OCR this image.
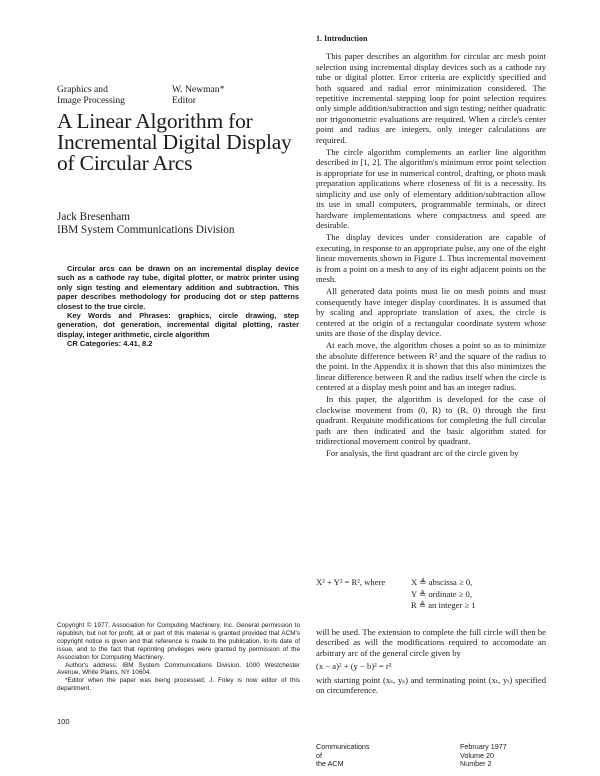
Graphics and
Image Processing
W. Newman*
Editor
A Linear Algorithm for Incremental Digital Display of Circular Arcs
Jack Bresenham
IBM System Communications Division

Circular arcs can be drawn on an incremental display device such as a cathode ray tube, digital plotter, or matrix printer using only sign testing and elementary addition and subtraction. This paper describes methodology for producing dot or step patterns closest to the true circle.

Key Words and Phrases: graphics, circle drawing, step generation, dot generation, incremental digital plotting, raster display, integer arithmetic, circle algorithm

CR Categories: 4.41, 8.2

Copyright © 1977, Association for Computing Machinery, Inc. General permission to republish, but not for profit, all or part of this material is granted provided that ACM's copyright notice is given and that reference is made to the publication, to its date of issue, and to the fact that reprinting privileges were granted by permission of the Association for Computing Machinery.

Author's address: IBM System Communications Division, 1000 Westchester Avenue, White Plains, NY 10604.

*Editor when the paper was being processed; J. Foley is now editor of this department.

100
1. Introduction

This paper describes an algorithm for circular arc mesh point selection using incremental display devices such as a cathode ray tube or digital plotter. Error criteria are explicitly specified and both squared and radial error minimization considered. The repetitive incremental stepping loop for point selection requires only simple addition/subtraction and sign testing; neither quadratic nor trigonometric evaluations are required. When a circle's center point and radius are integers, only integer calculations are required.

The circle algorithm complements an earlier line algorithm described in [1, 2]. The algorithm's minimum error point selection is appropriate for use in numerical control, drafting, or photo mask preparation applications where closeness of fit is a necessity. Its simplicity and use only of elementary addition/subtraction allow its use in small computers, programmable terminals, or direct hardware implementations where compactness and speed are desirable.

The display devices under consideration are capable of executing, in response to an appropriate pulse, any one of the eight linear movements shown in Figure 1. Thus incremental movement is from a point on a mesh to any of its eight adjacent points on the mesh.

All generated data points must lie on mesh points and must consequently have integer display coordinates. It is assumed that by scaling and appropriate translation of axes, the circle is centered at the origin of a rectangular coordinate system whose units are those of the display device.

At each move, the algorithm choses a point so as to minimize the absolute difference between R² and the square of the radius to the point. In the Appendix it is shown that this also minimizes the linear difference between R and the radius itself when the circle is centered at a display mesh point and has an integer radius.

In this paper, the algorithm is developed for the case of clockwise movement from (0, R) to (R, 0) through the first quadrant. Requisite modifications for completing the full circular path are then indicated and the basic algorithm stated for tridirectional movement control by quadrant.

For analysis, the first quadrant arc of the circle given by

X² + Y² = R², where	X ≜ abscissa ≥ 0,
Y ≜ ordinate ≥ 0,
R ≜ an integer ≥ 1

will be used. The extension to complete the full circle will then be described as will the modifications required to accomodate an arbitrary arc of the general circle given by

(x − a)² + (y − b)² = r²

with starting point (xₛ, yₛ) and terminating point (xₜ, yₜ) specified on circumference.

Communications
of
the ACM
February 1977
Volume 20
Number 2
